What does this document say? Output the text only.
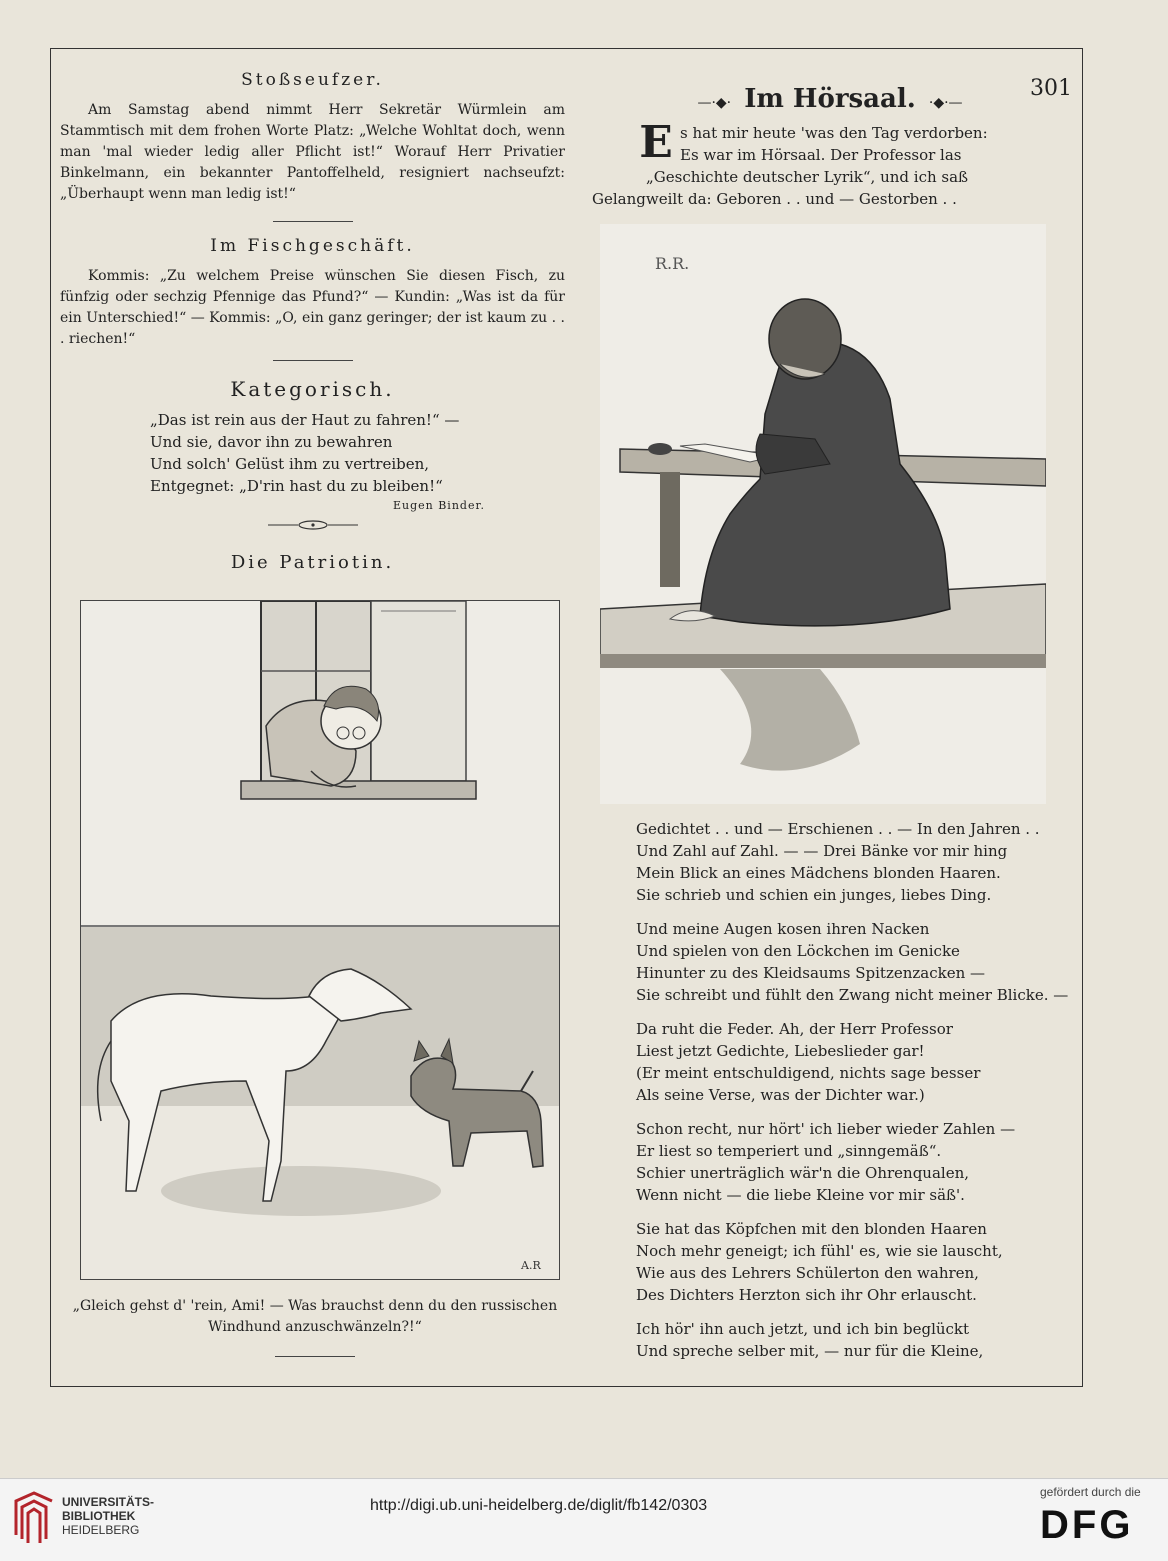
301
Stoßseufzer.

Am Samstag abend nimmt Herr Sekretär Würmlein am Stammtisch mit dem frohen Worte Platz: „Welche Wohltat doch, wenn man 'mal wieder ledig aller Pflicht ist!“ Worauf Herr Privatier Binkelmann, ein bekannter Pantoffelheld, resigniert nachseufzt: „Überhaupt wenn man ledig ist!“

Im Fischgeschäft.

Kommis: „Zu welchem Preise wünschen Sie diesen Fisch, zu fünfzig oder sechzig Pfennige das Pfund?“ — Kundin: „Was ist da für ein Unterschied!“ — Kommis: „O, ein ganz geringer; der ist kaum zu . . . riechen!“

Kategorisch.
„Das ist rein aus der Haut zu fahren!“ —
Und sie, davor ihn zu bewahren
Und solch' Gelüst ihm zu vertreiben,
Entgegnet: „D'rin hast du zu bleiben!“
Eugen Binder.
Die Patriotin.
A.R
„Gleich gehst d' 'rein, Ami! — Was brauchst denn du den russischen Windhund anzuschwänzeln?!“
—·◆· Im Hörsaal. ·◆·—
E s hat mir heute 'was den Tag verdorben:
Es war im Hörsaal. Der Professor las
„Geschichte deutscher Lyrik“, und ich saß
Gelangweilt da: Geboren . . und — Gestorben . .
R.R.
Gedichtet . . und — Erschienen . . — In den Jahren . .
Und Zahl auf Zahl. — — Drei Bänke vor mir hing
Mein Blick an eines Mädchens blonden Haaren.
Sie schrieb und schien ein junges, liebes Ding.
Und meine Augen kosen ihren Nacken
Und spielen von den Löckchen im Genicke
Hinunter zu des Kleidsaums Spitzenzacken —
Sie schreibt und fühlt den Zwang nicht meiner Blicke. —
Da ruht die Feder. Ah, der Herr Professor
Liest jetzt Gedichte, Liebeslieder gar!
(Er meint entschuldigend, nichts sage besser
Als seine Verse, was der Dichter war.)
Schon recht, nur hört' ich lieber wieder Zahlen —
Er liest so temperiert und „sinngemäß“.
Schier unerträglich wär'n die Ohrenqualen,
Wenn nicht — die liebe Kleine vor mir säß'.
Sie hat das Köpfchen mit den blonden Haaren
Noch mehr geneigt; ich fühl' es, wie sie lauscht,
Wie aus des Lehrers Schülerton den wahren,
Des Dichters Herzton sich ihr Ohr erlauscht.
Ich hör' ihn auch jetzt, und ich bin beglückt
Und spreche selber mit, — nur für die Kleine,
UNIVERSITÄTS-
BIBLIOTHEK
HEIDELBERG
http://digi.ub.uni-heidelberg.de/diglit/fb142/0303
gefördert durch die
DFG
